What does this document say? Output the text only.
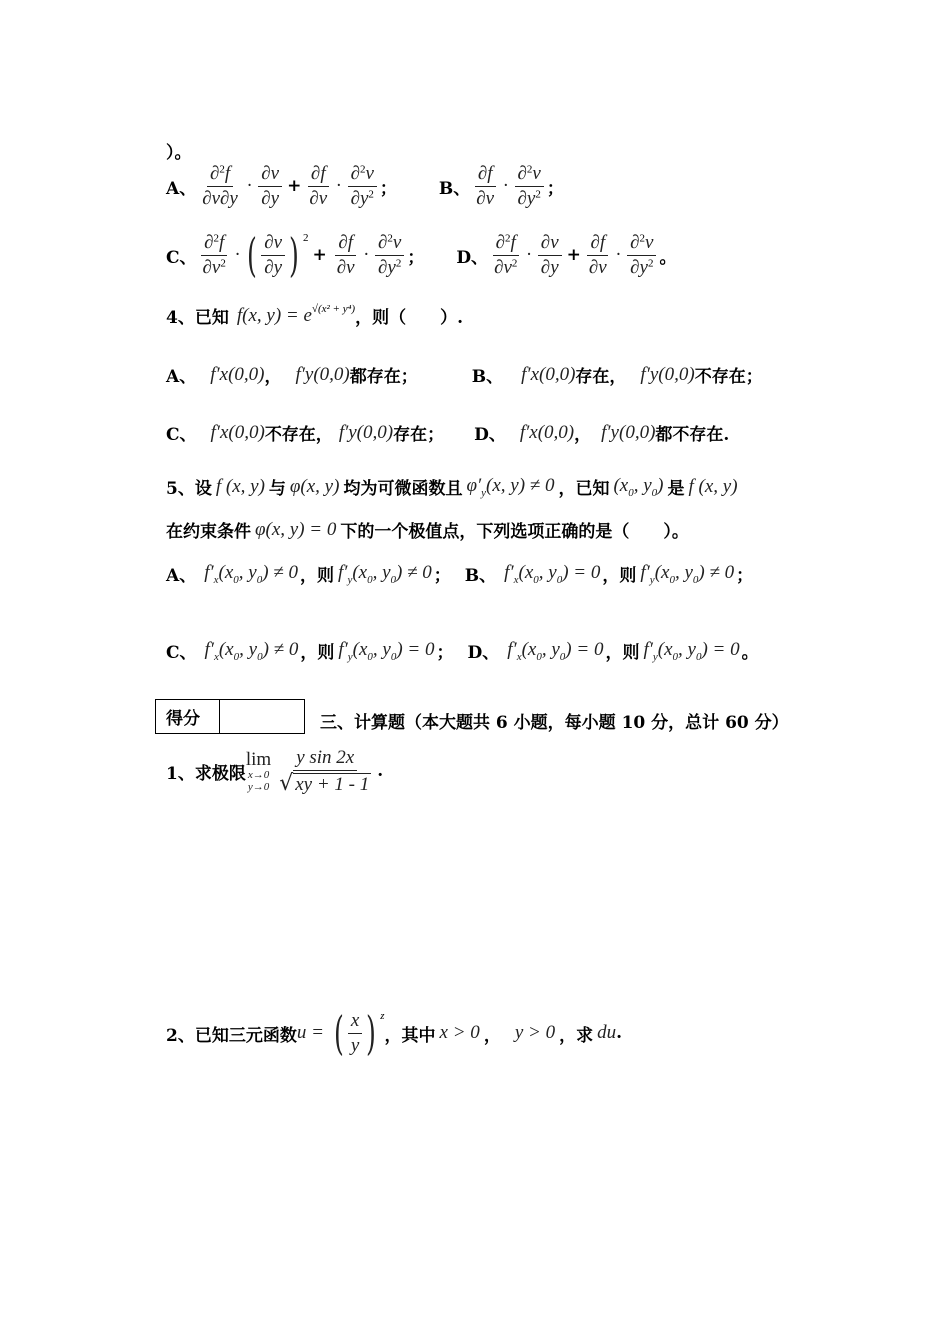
）。
A、 $\frac{\partial^2f}{\partial v\partial y} \cdot \frac{\partial v}{\partial y} + \frac{\partial f}{\partial v} \cdot \frac{\partial^2v}{\partial y^2}$ ； B、 $\frac{\partial f}{\partial v} \cdot \frac{\partial^2v}{\partial y^2}$ ；
C、 $\frac{\partial^2f}{\partial v^2}$ · ( $\frac{\partial v}{\partial y}$ ) $^2$
+ $\frac{\partial f}{\partial v} \cdot \frac{\partial^2v}{\partial y^2}$ ； D、 $\frac{\partial^2f}{\partial v^2} \cdot \frac{\partial v}{\partial y} + \frac{\partial f}{\partial v} \cdot \frac{\partial^2v}{\partial y^2}$ 。
4、已知 f(x, $y) = e^{√(x^2 + y^4)}$ ，则（　　）.
A、 f′x(0,0) ， f′y(0,0) 都存在；	B、 f′x(0,0) 存在， f′y(0,0) 不存在；
C、 f′x(0,0) 不存在， f′y(0,0) 存在； D、 f′x(0,0) ， f′y(0,0) 都不存在.
5、设 f (x, y) 与 φ(x, y) 均为可微函数且 $\varphi'_y(x$, y) ≠ 0 ，已知 ($x_0$, $y_0$) 是 f (x, y)
在约束条件 φ(x, y) = 0 下的一个极值点，下列选项正确的是（　　）。
A、 $f'_x(x_0$, $y_0) \ne 0$ ，则 $f'_y(x_0$, $y_0) \ne 0$ ； B、 $f'_x(x_0$, $y_0) = 0$ ，则 $f'_y(x_0$, $y_0) \ne 0$ ；
C、 $f'_x(x_0$, $y_0) \ne 0$ ，则 $f'_y(x_0$, $y_0) = 0$ ； D、 $f'_x(x_0$, $y_0) = 0$ ，则 $f'_y(x_0$, $y_0) = 0$ 。
得分	三、计算题（本大题共 6 小题，每小题 10 分，总计 60 分）
1、求极限
lim
x→0
$y\to 0 \frac{\text{y sin 2x}}{√ xy + 1 - 1}$ .
2、已知三元函数 u = ( $\frac{x}{y}$ ) $^z$
，其中 x > 0 ， y > 0 ，求 du .
